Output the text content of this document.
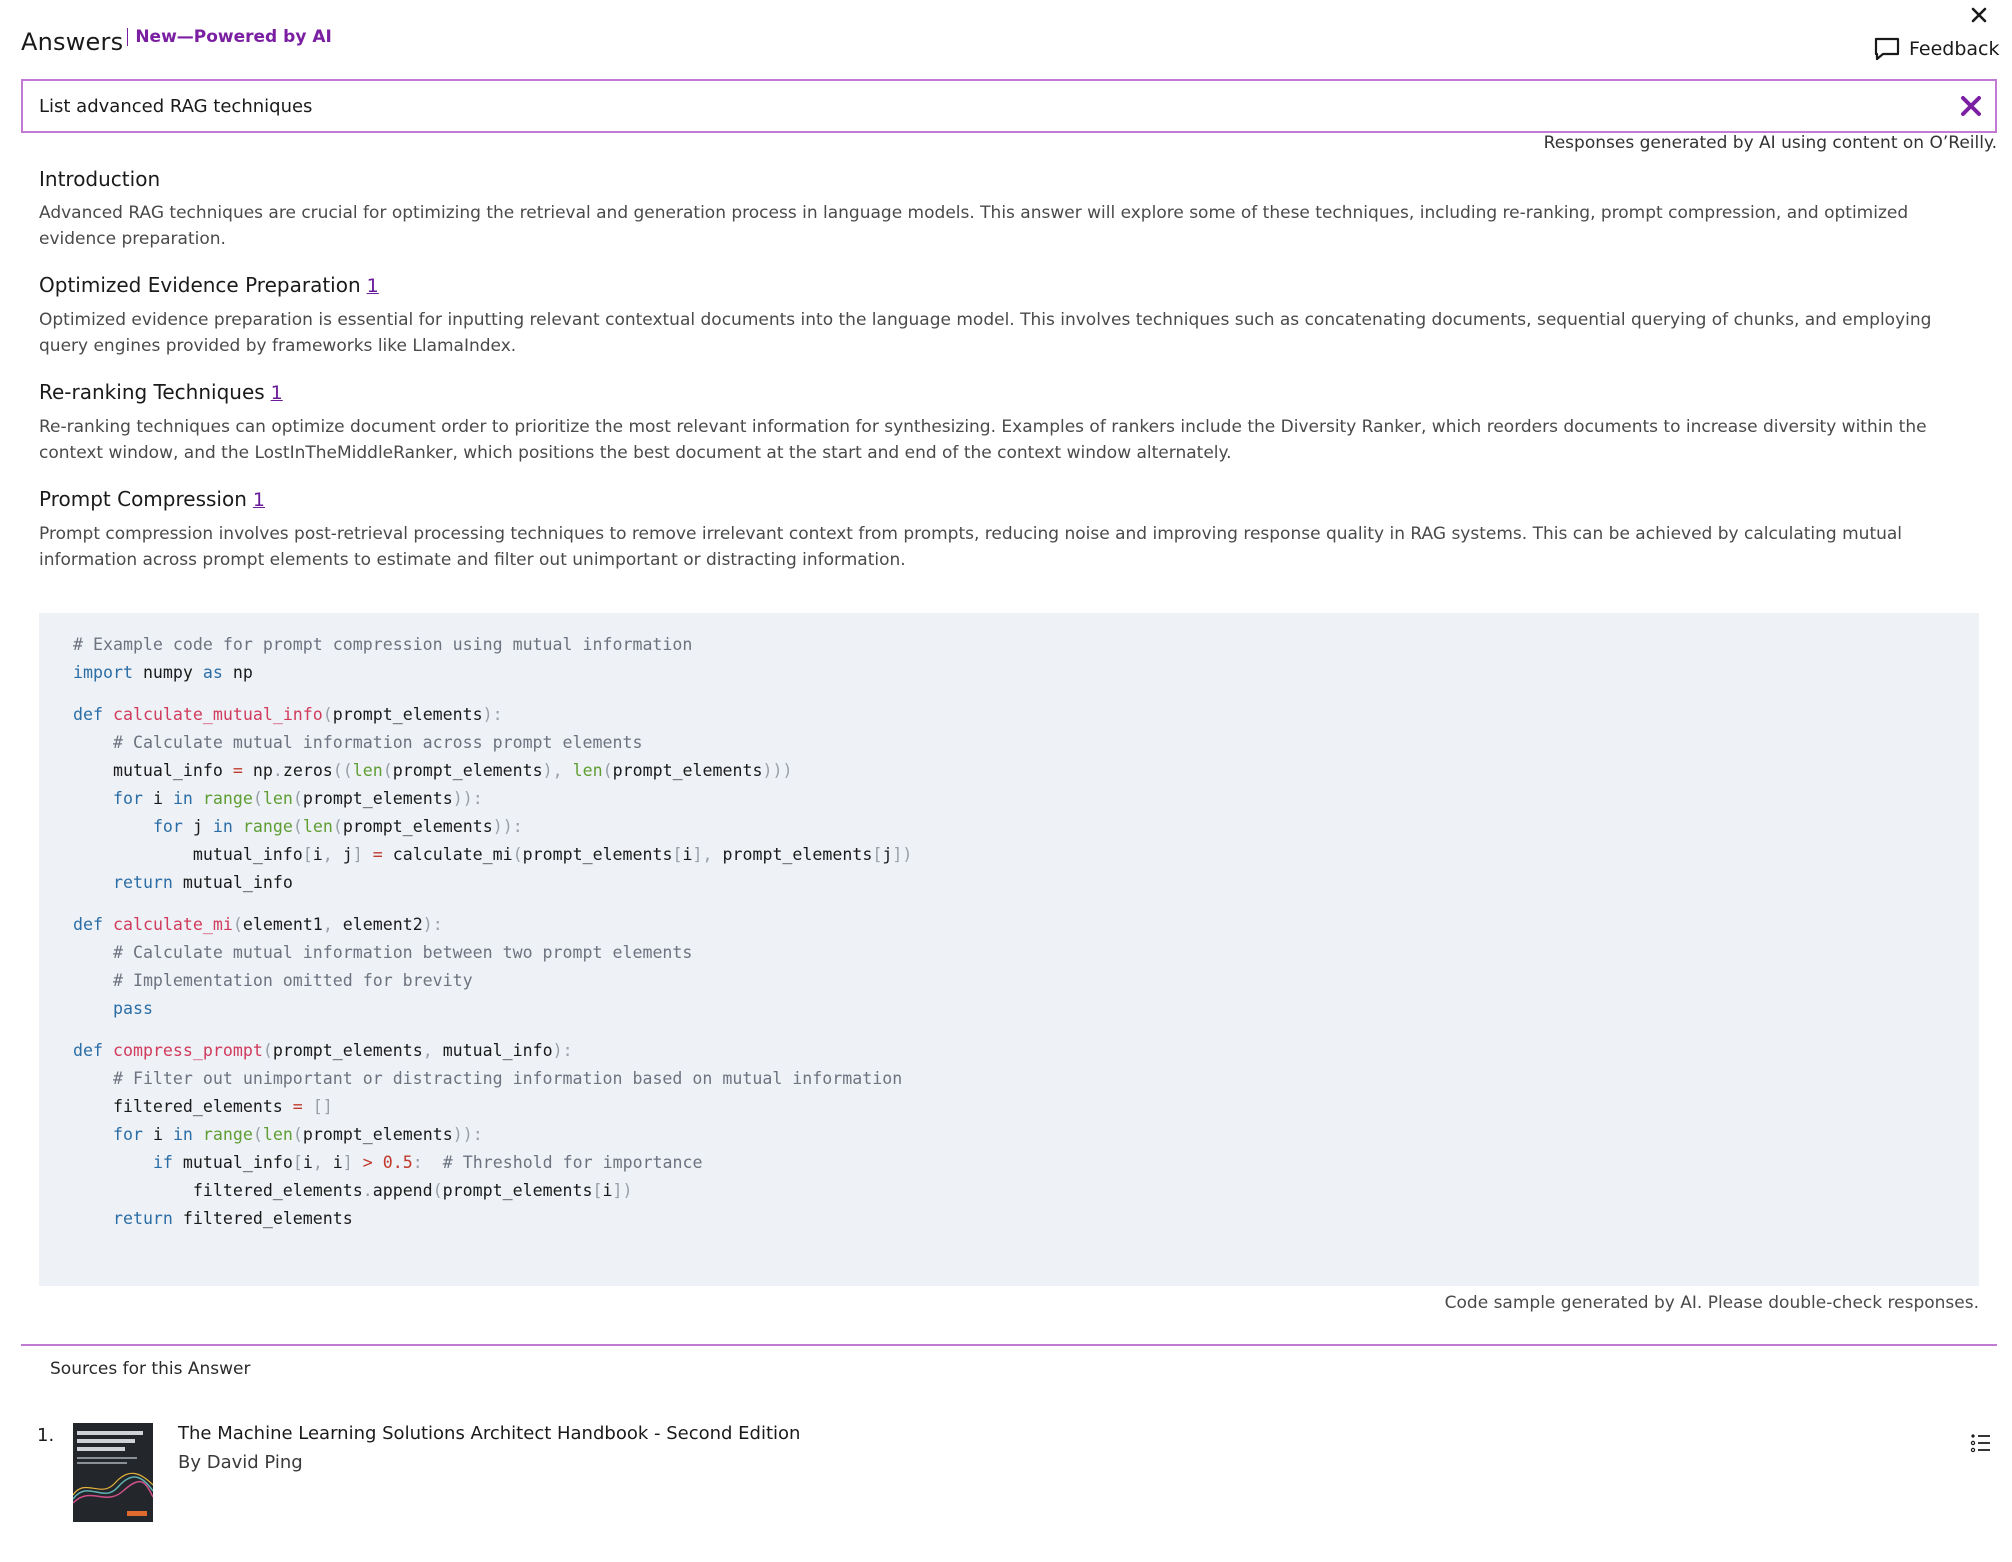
Answers New—Powered by AI
Feedback
List advanced RAG techniques
Responses generated by AI using content on O’Reilly.
Introduction
Advanced RAG techniques are crucial for optimizing the retrieval and generation process in language models. This answer will explore some of these techniques, including re-ranking, prompt compression, and optimized evidence preparation.
Optimized Evidence Preparation 1
Optimized evidence preparation is essential for inputting relevant contextual documents into the language model. This involves techniques such as concatenating documents, sequential querying of chunks, and employing query engines provided by frameworks like LlamaIndex.
Re-ranking Techniques 1
Re-ranking techniques can optimize document order to prioritize the most relevant information for synthesizing. Examples of rankers include the Diversity Ranker, which reorders documents to increase diversity within the context window, and the LostInTheMiddleRanker, which positions the best document at the start and end of the context window alternately.
Prompt Compression 1
Prompt compression involves post-retrieval processing techniques to remove irrelevant context from prompts, reducing noise and improving response quality in RAG systems. This can be achieved by calculating mutual information across prompt elements to estimate and filter out unimportant or distracting information.
# Example code for prompt compression using mutual information
import numpy as np

def calculate_mutual_info(prompt_elements):
# Calculate mutual information across prompt elements
mutual_info = np.zeros((len(prompt_elements), len(prompt_elements)))
for i in range(len(prompt_elements)):
for j in range(len(prompt_elements)):
mutual_info[i, j] = calculate_mi(prompt_elements[i], prompt_elements[j])
return mutual_info

def calculate_mi(element1, element2):
# Calculate mutual information between two prompt elements
# Implementation omitted for brevity
pass

def compress_prompt(prompt_elements, mutual_info):
# Filter out unimportant or distracting information based on mutual information
filtered_elements = []
for i in range(len(prompt_elements)):
if mutual_info[i, i] > 0.5: # Threshold for importance
filtered_elements.append(prompt_elements[i])
return filtered_elements
Code sample generated by AI. Please double-check responses.
Sources for this Answer
1.	The Machine Learning Solutions Architect Handbook - Second Edition
By David Ping
